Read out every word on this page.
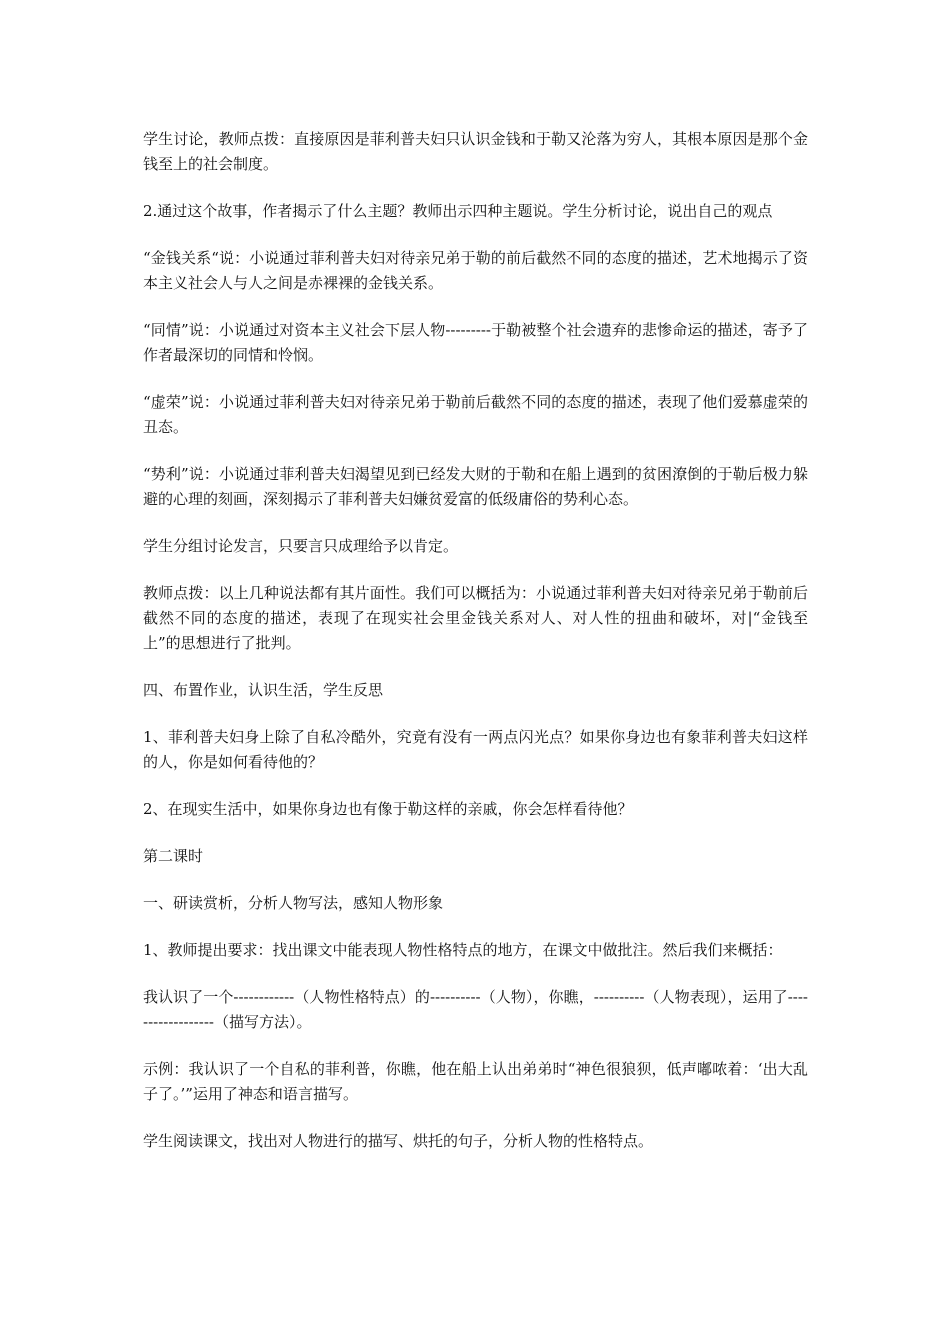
学生讨论，教师点拨：直接原因是菲利普夫妇只认识金钱和于勒又沦落为穷人，其根本原因是那个金钱至上的社会制度。

2.通过这个故事，作者揭示了什么主题？教师出示四种主题说。学生分析讨论，说出自己的观点

“金钱关系“说：小说通过菲利普夫妇对待亲兄弟于勒的前后截然不同的态度的描述，艺术地揭示了资本主义社会人与人之间是赤裸裸的金钱关系。

“同情”说：小说通过对资本主义社会下层人物---------于勒被整个社会遗弃的悲惨命运的描述，寄予了作者最深切的同情和怜悯。

“虚荣”说：小说通过菲利普夫妇对待亲兄弟于勒前后截然不同的态度的描述，表现了他们爱慕虚荣的丑态。

“势利”说：小说通过菲利普夫妇渴望见到已经发大财的于勒和在船上遇到的贫困潦倒的于勒后极力躲避的心理的刻画，深刻揭示了菲利普夫妇嫌贫爱富的低级庸俗的势利心态。

学生分组讨论发言，只要言只成理给予以肯定。

教师点拨：以上几种说法都有其片面性。我们可以概括为：小说通过菲利普夫妇对待亲兄弟于勒前后截然不同的态度的描述，表现了在现实社会里金钱关系对人、对人性的扭曲和破坏，对|“金钱至上”的思想进行了批判。

四、布置作业，认识生活，学生反思

1、菲利普夫妇身上除了自私冷酷外，究竟有没有一两点闪光点？如果你身边也有象菲利普夫妇这样的人，你是如何看待他的？

2、在现实生活中，如果你身边也有像于勒这样的亲戚，你会怎样看待他？

第二课时

一、研读赏析，分析人物写法，感知人物形象

1、教师提出要求：找出课文中能表现人物性格特点的地方，在课文中做批注。然后我们来概括：

我认识了一个------------（人物性格特点）的----------（人物），你瞧，----------（人物表现），运用了------------------（描写方法）。

示例：我认识了一个自私的菲利普，你瞧，他在船上认出弟弟时“神色很狼狈，低声嘟哝着：‘出大乱子了。’”运用了神态和语言描写。

学生阅读课文，找出对人物进行的描写、烘托的句子，分析人物的性格特点。
